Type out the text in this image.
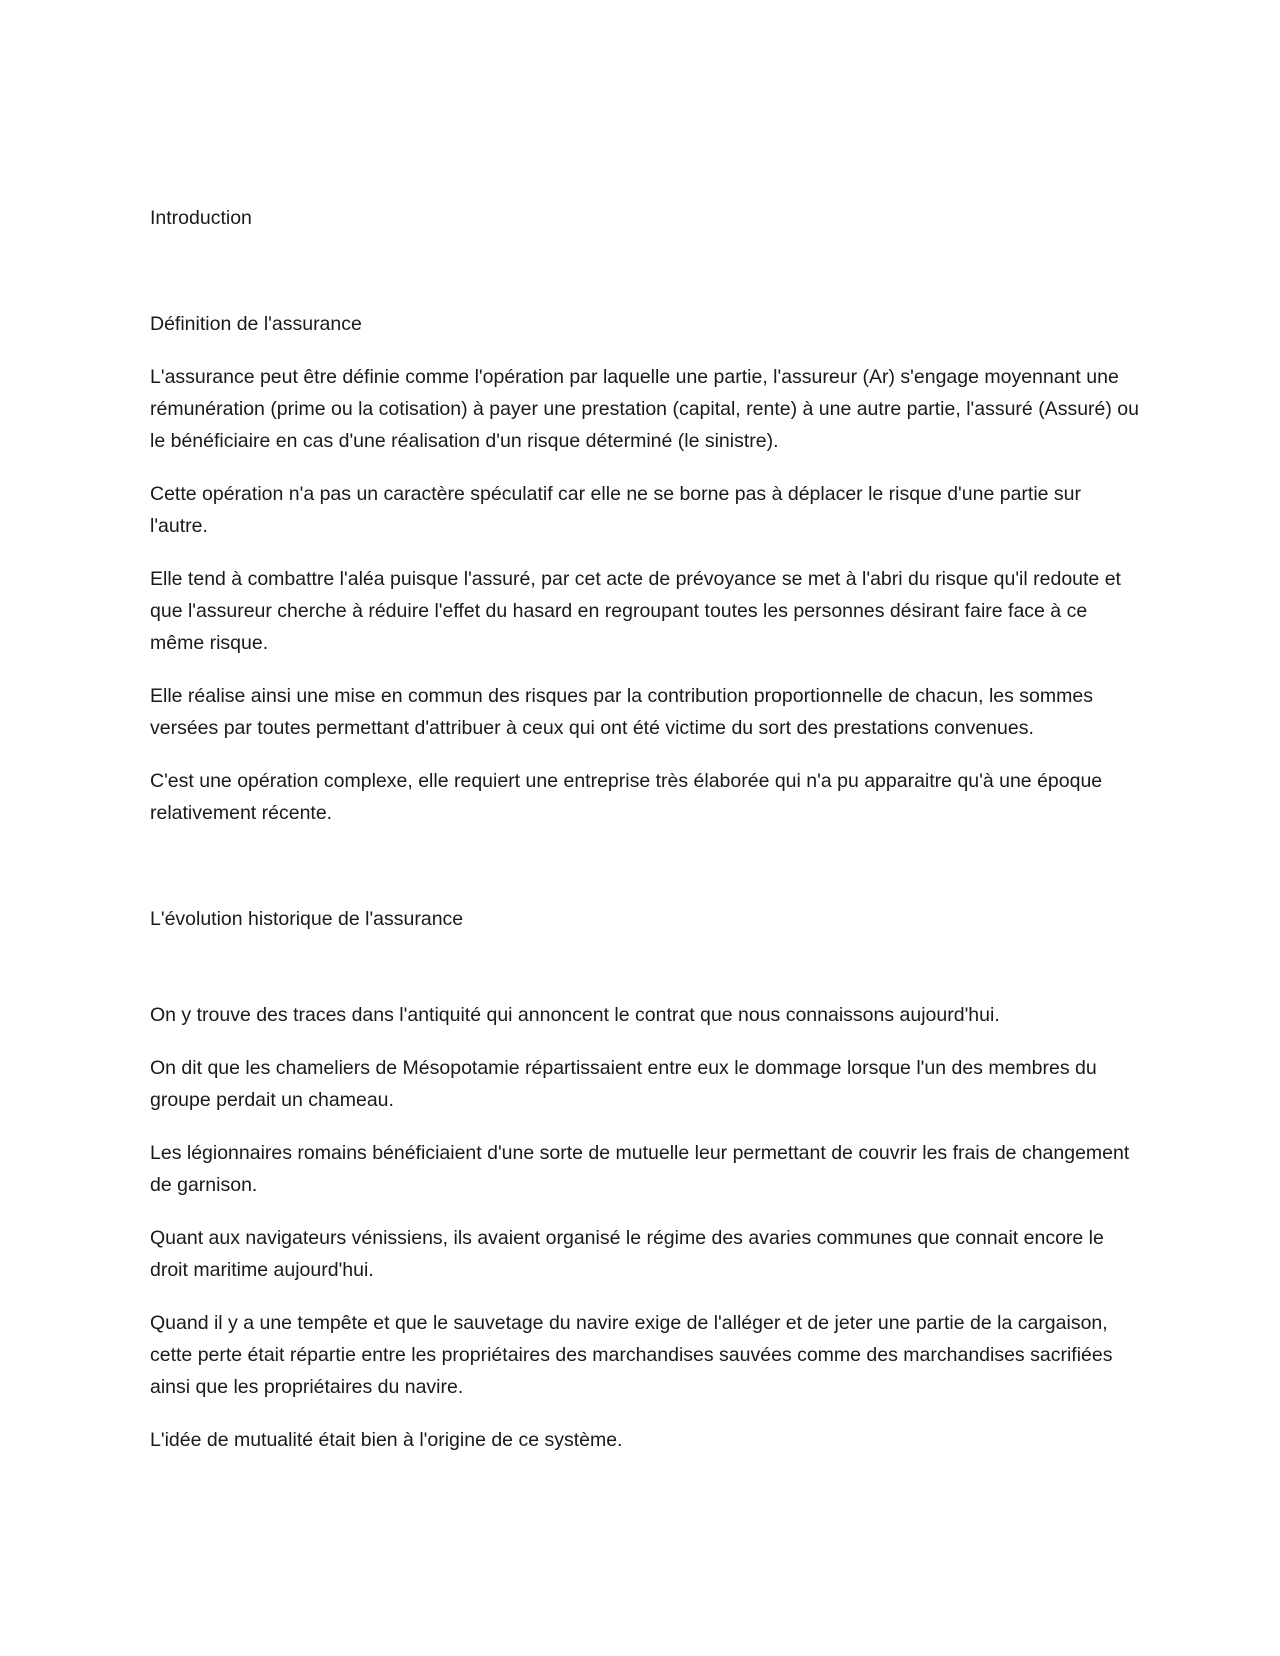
Introduction

Définition de l'assurance

L'assurance peut être définie comme l'opération par laquelle une partie, l'assureur (Ar) s'engage moyennant une rémunération (prime ou la cotisation) à payer une prestation (capital, rente) à une autre partie, l'assuré (Assuré) ou le bénéficiaire en cas d'une réalisation d'un risque déterminé (le sinistre).

Cette opération n'a pas un caractère spéculatif car elle ne se borne pas à déplacer le risque d'une partie sur l'autre.

Elle tend à combattre l'aléa puisque l'assuré, par cet acte de prévoyance se met à l'abri du risque qu'il redoute et que l'assureur cherche à réduire l'effet du hasard en regroupant toutes les personnes désirant faire face à ce même risque.

Elle réalise ainsi une mise en commun des risques par la contribution proportionnelle de chacun, les sommes versées par toutes permettant d'attribuer à ceux qui ont été victime du sort des prestations convenues.

C'est une opération complexe, elle requiert une entreprise très élaborée qui n'a pu apparaitre qu'à une époque relativement récente.

L'évolution historique de l'assurance

On y trouve des traces dans l'antiquité qui annoncent le contrat que nous connaissons aujourd'hui.

On dit que les chameliers de Mésopotamie répartissaient entre eux le dommage lorsque l'un des membres du groupe perdait un chameau.

Les légionnaires romains bénéficiaient d'une sorte de mutuelle leur permettant de couvrir les frais de changement de garnison.

Quant aux navigateurs vénissiens, ils avaient organisé le régime des avaries communes que connait encore le droit maritime aujourd'hui.

Quand il y a une tempête et que le sauvetage du navire exige de l'alléger et de jeter une partie de la cargaison, cette perte était répartie entre les propriétaires des marchandises sauvées comme des marchandises sacrifiées ainsi que les propriétaires du navire.

L'idée de mutualité était bien à l'origine de ce système.
